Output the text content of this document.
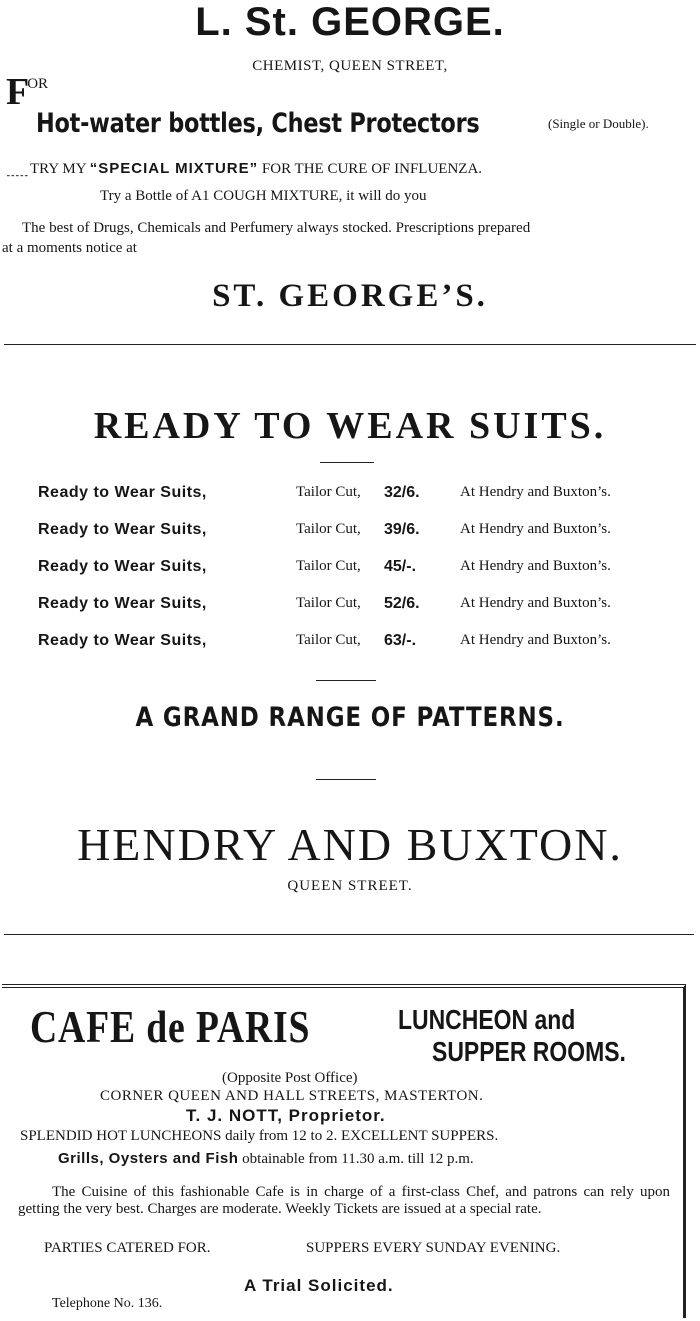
L. St. GEORGE.
CHEMIST, QUEEN STREET,
FOR
Hot-water bottles, Chest Protectors	(Single or Double).
TRY MY “SPECIAL MIXTURE” FOR THE CURE OF INFLUENZA.
⁃⁃⁃⁃⁃
Try a Bottle of A1 COUGH MIXTURE, it will do you
The best of Drugs, Chemicals and Perfumery always stocked. Prescriptions prepared
at a moments notice at
ST. GEORGE’S.
READY TO WEAR SUITS.
Ready to Wear Suits,	Tailor Cut, 32/6.	At Hendry and Buxton’s.
Ready to Wear Suits,	Tailor Cut, 39/6.	At Hendry and Buxton’s.
Ready to Wear Suits,	Tailor Cut, 45/-.	At Hendry and Buxton’s.
Ready to Wear Suits,	Tailor Cut, 52/6.	At Hendry and Buxton’s.
Ready to Wear Suits,	Tailor Cut, 63/-.	At Hendry and Buxton’s.
A GRAND RANGE OF PATTERNS.
HENDRY AND BUXTON.
QUEEN STREET.
CAFE de PARIS	LUNCHEON and
SUPPER ROOMS.
(Opposite Post Office)
CORNER QUEEN AND HALL STREETS, MASTERTON.
T. J. NOTT, Proprietor.
SPLENDID HOT LUNCHEONS daily from 12 to 2. EXCELLENT SUPPERS.
Grills, Oysters and Fish obtainable from 11.30 a.m. till 12 p.m.
The Cuisine of this fashionable Cafe is in charge of a first-class Chef, and patrons can rely upon getting the very best. Charges are moderate. Weekly Tickets are issued at a special rate.
PARTIES CATERED FOR.	SUPPERS EVERY SUNDAY EVENING.
A Trial Solicited.
Telephone No. 136.
